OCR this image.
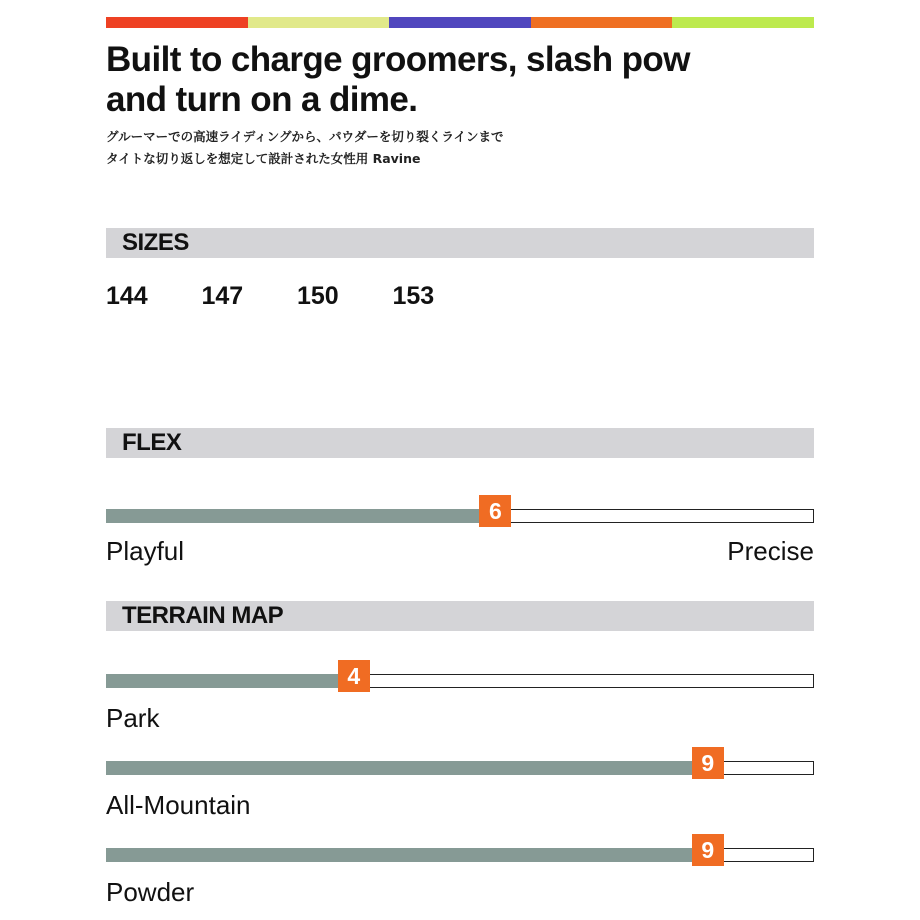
Built to charge groomers, slash pow
and turn on a dime.

グルーマーでの高速ライディングから、パウダーを切り裂くラインまで
タイトな切り返しを想定して設計された女性用 Ravine

SIZES
144	147	150	153
FLEX
6
Playful	Precise
TERRAIN MAP
4
Park
9
All-Mountain
9
Powder
